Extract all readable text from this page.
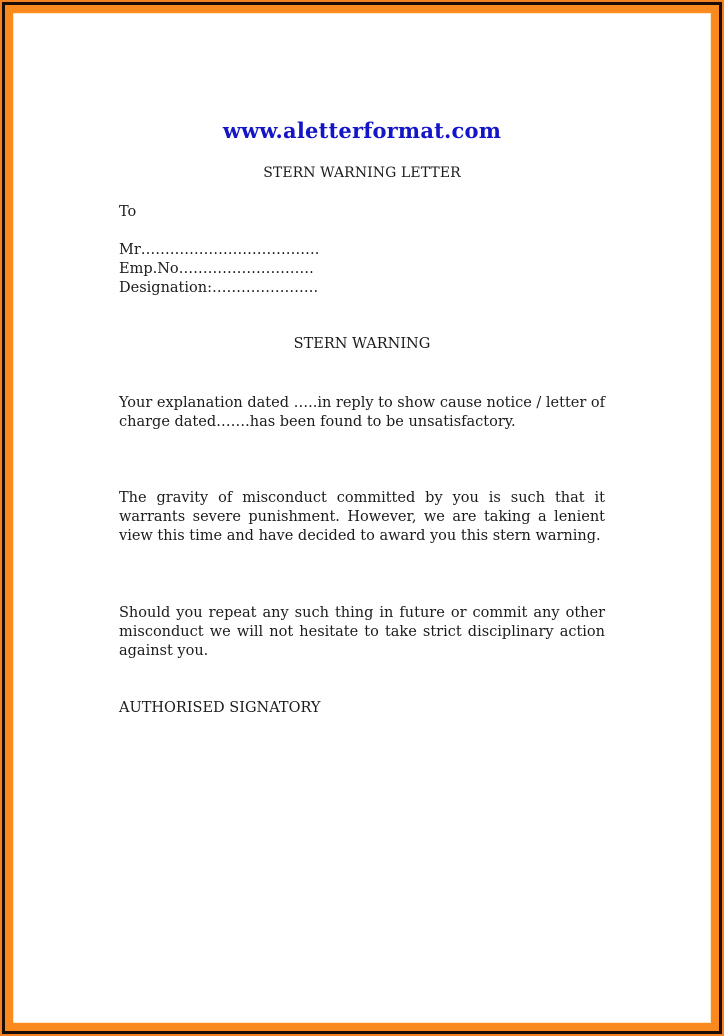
www.aletterformat.com
STERN WARNING LETTER
To
Mr……………………………….
Emp.No……………………….
Designation:………………….
STERN WARNING
Your explanation dated …..in reply to show cause notice / letter of charge dated…….has been found to be unsatisfactory.
The gravity of misconduct committed by you is such that it warrants severe punishment. However, we are taking a lenient view this time and have decided to award you this stern warning.
Should you repeat any such thing in future or commit any other misconduct we will not hesitate to take strict disciplinary action against you.
AUTHORISED SIGNATORY
